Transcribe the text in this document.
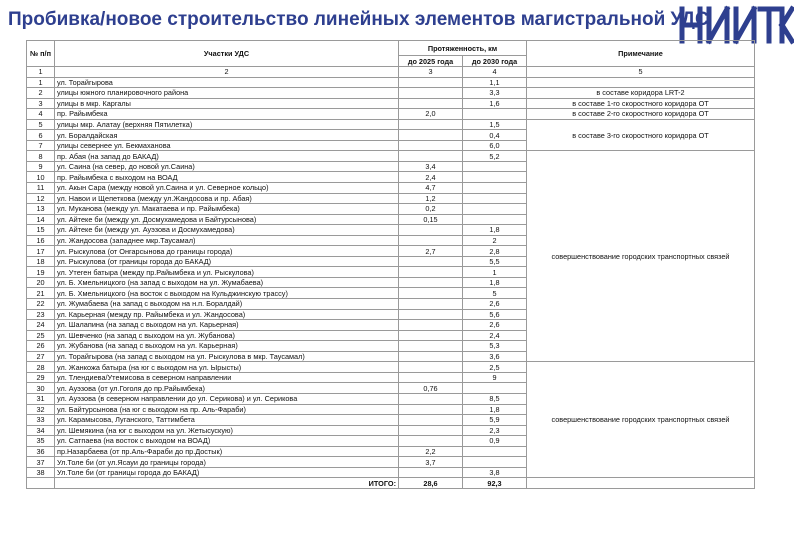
Пробивка/новое строительство линейных элементов магистральной УДС
№ п/п	Участки УДС	Протяженность, км		Примечание
		до 2025 года	до 2030 года	
1	2	3	4	5
1	ул. Торайгырова		1,1	
2	улицы южного планировочного района		3,3	в составе коридора LRT-2
3	улицы в мкр. Каргалы		1,6	в составе 1-го скоростного коридора ОТ
4	пр. Райымбека	2,0		в составе 2-го скоростного коридора ОТ
5	улицы мкр. Алатау (верхняя Пятилетка)		1,5	в составе 3-го скоростного коридора ОТ
6	ул. Боралдайская		0,4	
7	улицы севернее ул. Бекмаханова		6,0	
8	пр. Абая (на запад до БАКАД)		5,2	совершенствование городских транспортных связей
9	ул. Саина (на север, до новой ул.Саина)	3,4		
10	пр. Райымбека с выходом на ВОАД	2,4		
11	ул. Акын Сара (между новой ул.Саина и ул. Северное кольцо)	4,7		
12	ул. Навои и Щепеткова (между ул.Жандосова и пр. Абая)	1,2		
13	ул. Муканова (между ул. Макатаева и пр. Райымбека)	0,2		
14	ул. Айтеке би (между ул. Досмухамедова и Байтурсынова)	0,15		
15	ул. Айтеке би (между ул. Ауэзова и Досмухамедова)		1,8	
16	ул. Жандосова (западнее мкр.Таусамал)		2	
17	ул. Рыскулова (от Онгарсынова до границы города)	2,7	2,8	
18	ул. Рыскулова (от границы города до БАКАД)		5,5	
19	ул. Утеген батыра (между пр.Райымбека и ул. Рыскулова)		1	
20	ул. Б. Хмельницкого (на запад с выходом на ул. Жумабаева)		1,8	
21	ул. Б. Хмельницкого (на восток с выходом на Кульджинскую трассу)		5	
22	ул. Жумабаева (на запад с выходом на н.п. Боралдай)		2,6	
23	ул. Карьерная (между пр. Райымбека и ул. Жандосова)		5,6	
24	ул. Шалапина (на запад с выходом на ул. Карьерная)		2,6	
25	ул. Шевченко (на запад с выходом на ул. Жубанова)		2,4	
26	ул. Жубанова (на запад с выходом на ул. Карьерная)		5,3	
27	ул. Торайгырова (на запад с выходом на ул. Рыскулова в мкр. Таусамал)		3,6	
28	ул. Жанкожа батыра (на юг с выходом на ул. Ырысты)		2,5	совершенствование городских транспортных связей
29	ул. Тлендиева/Утемисова в северном направлении		9	
30	ул. Ауэзова (от ул.Гоголя до пр.Райымбека)	0,76		
31	ул. Ауэзова (в северном направлении до ул. Серикова) и ул. Серикова		8,5	
32	ул. Байтурсынова (на юг с выходом на пр. Аль-Фараби)		1,8	
33	ул. Карамысова, Луганского, Таттимбета		5,9	
34	ул. Шемякина (на юг с выходом на ул. Жетысускую)		2,3	
35	ул. Сатпаева (на восток с выходом на ВОАД)		0,9	
36	пр.Назарбаева (от пр.Аль-Фараби до пр.Достык)	2,2		
37	Ул.Толе би (от ул.Ясауи до границы города)	3,7		
38	Ул.Толе би (от границы города до БАКАД)		3,8	
	ИТОГО:	28,6	92,3	
